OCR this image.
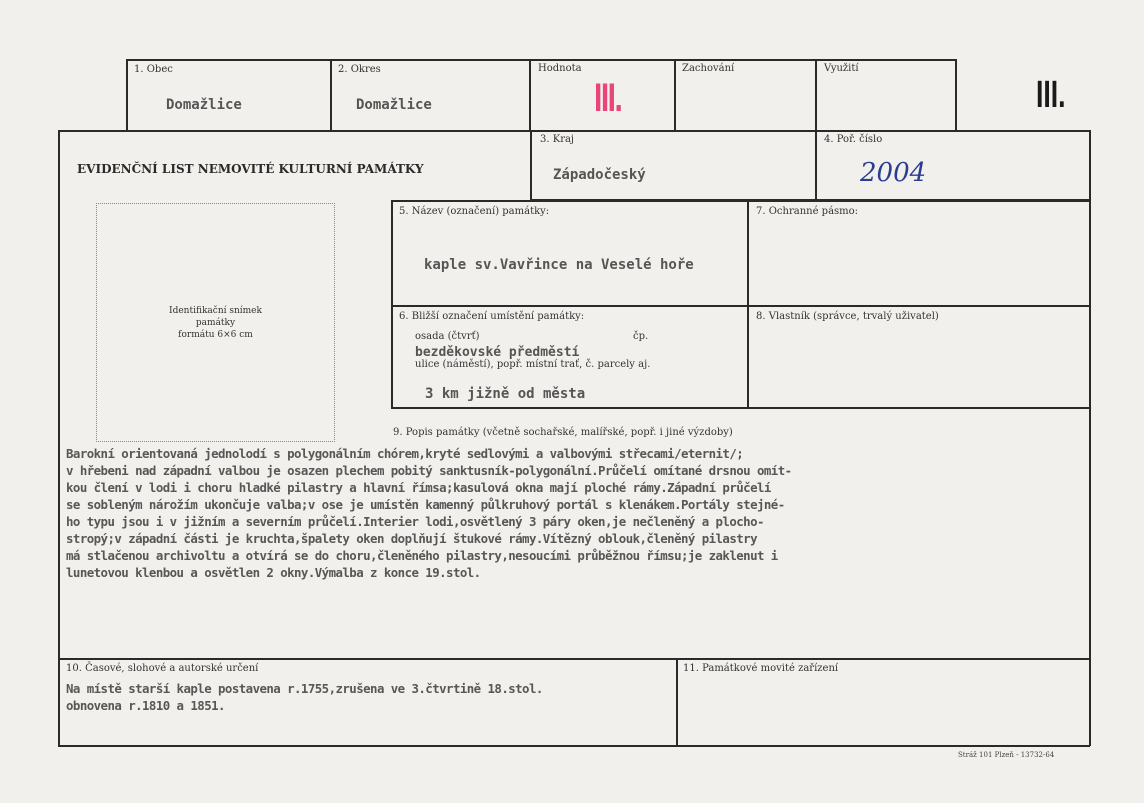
1. Obec
Domažlice
2. Okres
Domažlice
Hodnota
III.
Zachování	Využití
III.
EVIDENČNÍ LIST NEMOVITÉ KULTURNÍ PAMÁTKY
3. Kraj
Západočeský
4. Poř. číslo
2004
Identifikační snímek
památky
formátu 6×6 cm
5. Název (označení) památky:
kaple sv.Vavřince na Veselé hoře
7. Ochranné pásmo:
6. Bližší označení umístění památky:
osada (čtvrť)	čp.
bezděkovské předměstí
ulice (náměstí), popř. místní trať, č. parcely aj.
3 km jižně od města
8. Vlastník (správce, trvalý uživatel)
9. Popis památky (včetně sochařské, malířské, popř. i jiné výzdoby)
Barokní orientovaná jednolodí s polygonálním chórem,kryté sedlovými a valbovými střecami/eternit/;
v hřebeni nad západní valbou je osazen plechem pobitý sanktusník-polygonální.Průčelí omítané drsnou omít-
kou člení v lodi i choru hladké pilastry a hlavní římsa;kasulová okna mají ploché rámy.Západní průčelí
se sobleným nárožím ukončuje valba;v ose je umístěn kamenný půlkruhový portál s klenákem.Portály stejné-
ho typu jsou i v jižním a severním průčelí.Interier lodi,osvětlený 3 páry oken,je nečleněný a plocho-
stropý;v západní části je kruchta,špalety oken doplňují štukové rámy.Vítězný oblouk,členěný pilastry
má stlačenou archivoltu a otvírá se do choru,členěného pilastry,nesoucími průběžnou římsu;je zaklenut i
lunetovou klenbou a osvětlen 2 okny.Výmalba z konce 19.stol.
10. Časové, slohové a autorské určení
Na místě starší kaple postavena r.1755,zrušena ve 3.čtvrtině 18.stol.
obnovena r.1810 a 1851.
11. Památkové movité zařízení
Stráž 101 Plzeň - 13732-64
